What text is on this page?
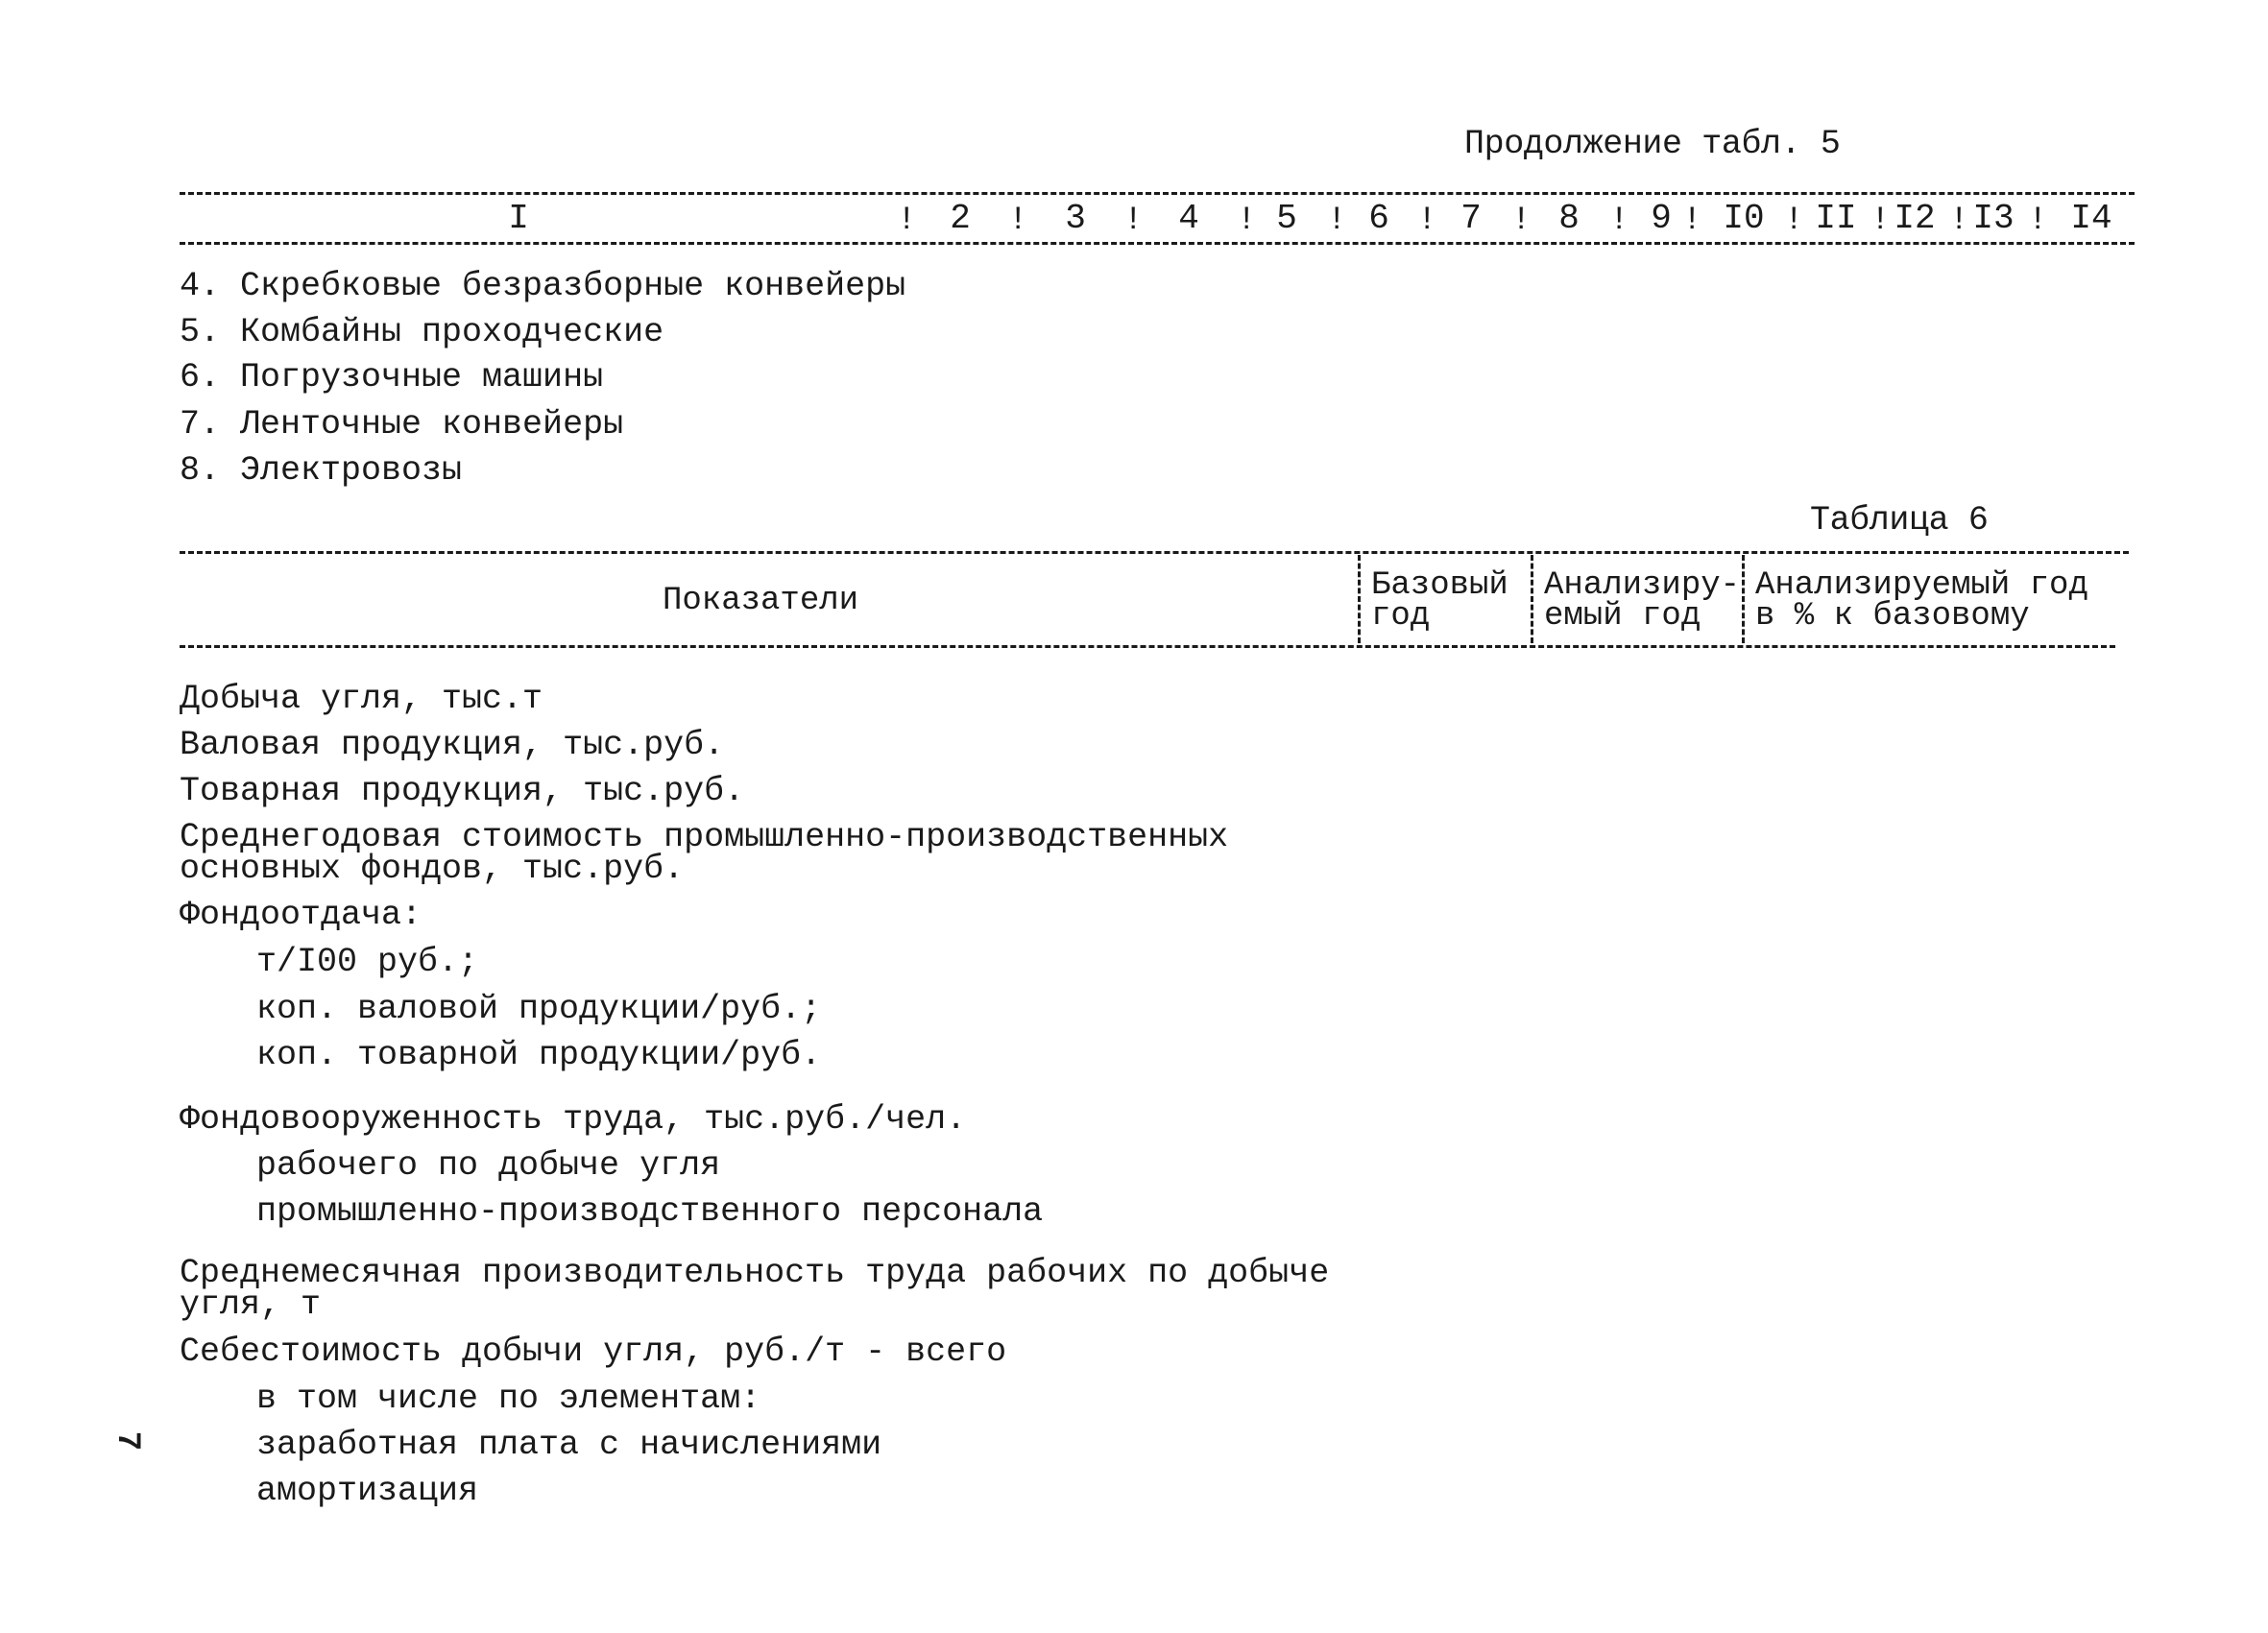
Продолжение табл. 5
I	! 2 ! 3 ! 4 ! 5 ! 6 ! 7 ! 8 ! 9 ! I0 ! II ! I2 ! I3 ! I4
4. Скребковые безразборные конвейеры
5. Комбайны проходческие
6. Погрузочные машины
7. Ленточные конвейеры
8. Электровозы
Таблица 6
Показатели	Базовый
год
Анализиру-
емый год
Анализируемый год
в % к базовому
Добыча угля, тыс.т
Валовая продукция, тыс.руб.
Товарная продукция, тыс.руб.
Среднегодовая стоимость промышленно-производственных
основных фондов, тыс.руб.
Фондоотдача:
т/I00 руб.;
коп. валовой продукции/руб.;
коп. товарной продукции/руб.
Фондовооруженность труда, тыс.руб./чел.
рабочего по добыче угля
промышленно-производственного персонала
Среднемесячная производительность труда рабочих по добыче
угля, т
Себестоимость добычи угля, руб./т - всего
в том числе по элементам:
заработная плата с начислениями
амортизация
7
